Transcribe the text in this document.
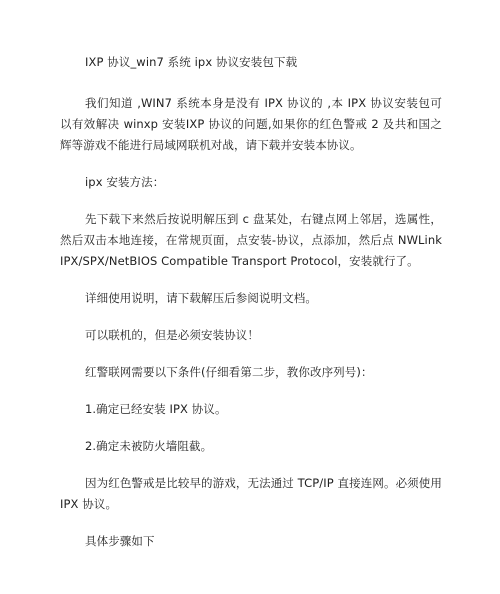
IXP 协议_win7 系统 ipx 协议安装包下载

我们知道 ,WIN7 系统本身是没有 IPX 协议的 ,本 IPX 协议安装包可以有效解决 winxp 安装IXP 协议的问题,如果你的红色警戒 2 及共和国之辉等游戏不能进行局域网联机对战，请下载并安装本协议。

ipx 安装方法：

先下载下来然后按说明解压到 c 盘某处，右键点网上邻居，选属性，然后双击本地连接，在常规页面，点安装-协议，点添加，然后点 NWLink IPX/SPX/NetBIOS Compatible Transport Protocol，安装就行了。

详细使用说明，请下载解压后参阅说明文档。

可以联机的，但是必须安装协议！

红警联网需要以下条件(仔细看第二步，教你改序列号)：

1.确定已经安装 IPX 协议。

2.确定未被防火墙阻截。

因为红色警戒是比较早的游戏，无法通过 TCP/IP 直接连网。必须使用 IPX 协议。

具体步骤如下
